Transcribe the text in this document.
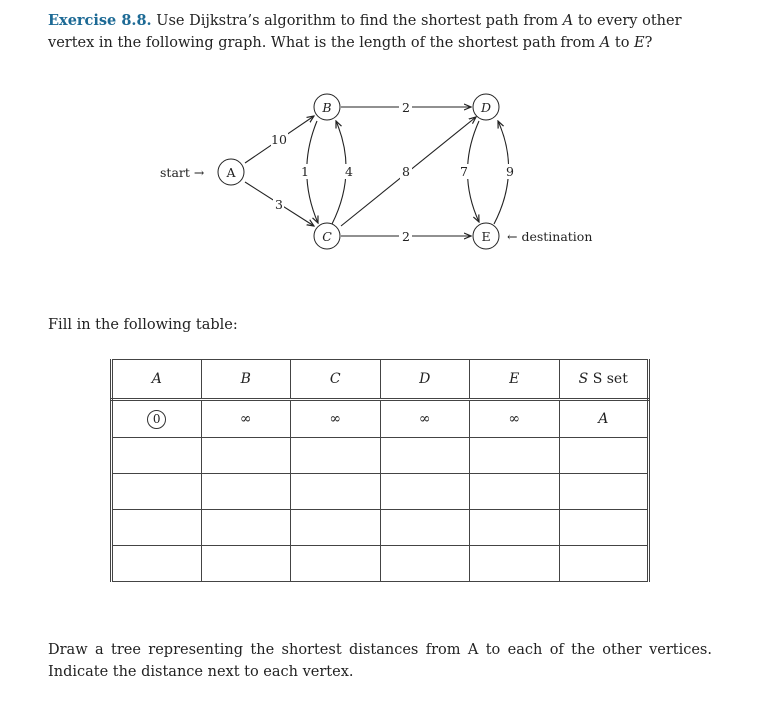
Exercise 8.8. Use Dijkstra’s algorithm to find the shortest path from A to every other vertex in the following graph. What is the length of the shortest path from A to E?
start →
10
3
1	4
2
8
2
7	9
A
B
C
D
E ← destination
Fill in the following table:
A	B	C	D	E	S S set
0	∞	∞	∞	∞	A

Draw a tree representing the shortest distances from A to each of the other vertices. Indicate the distance next to each vertex.
